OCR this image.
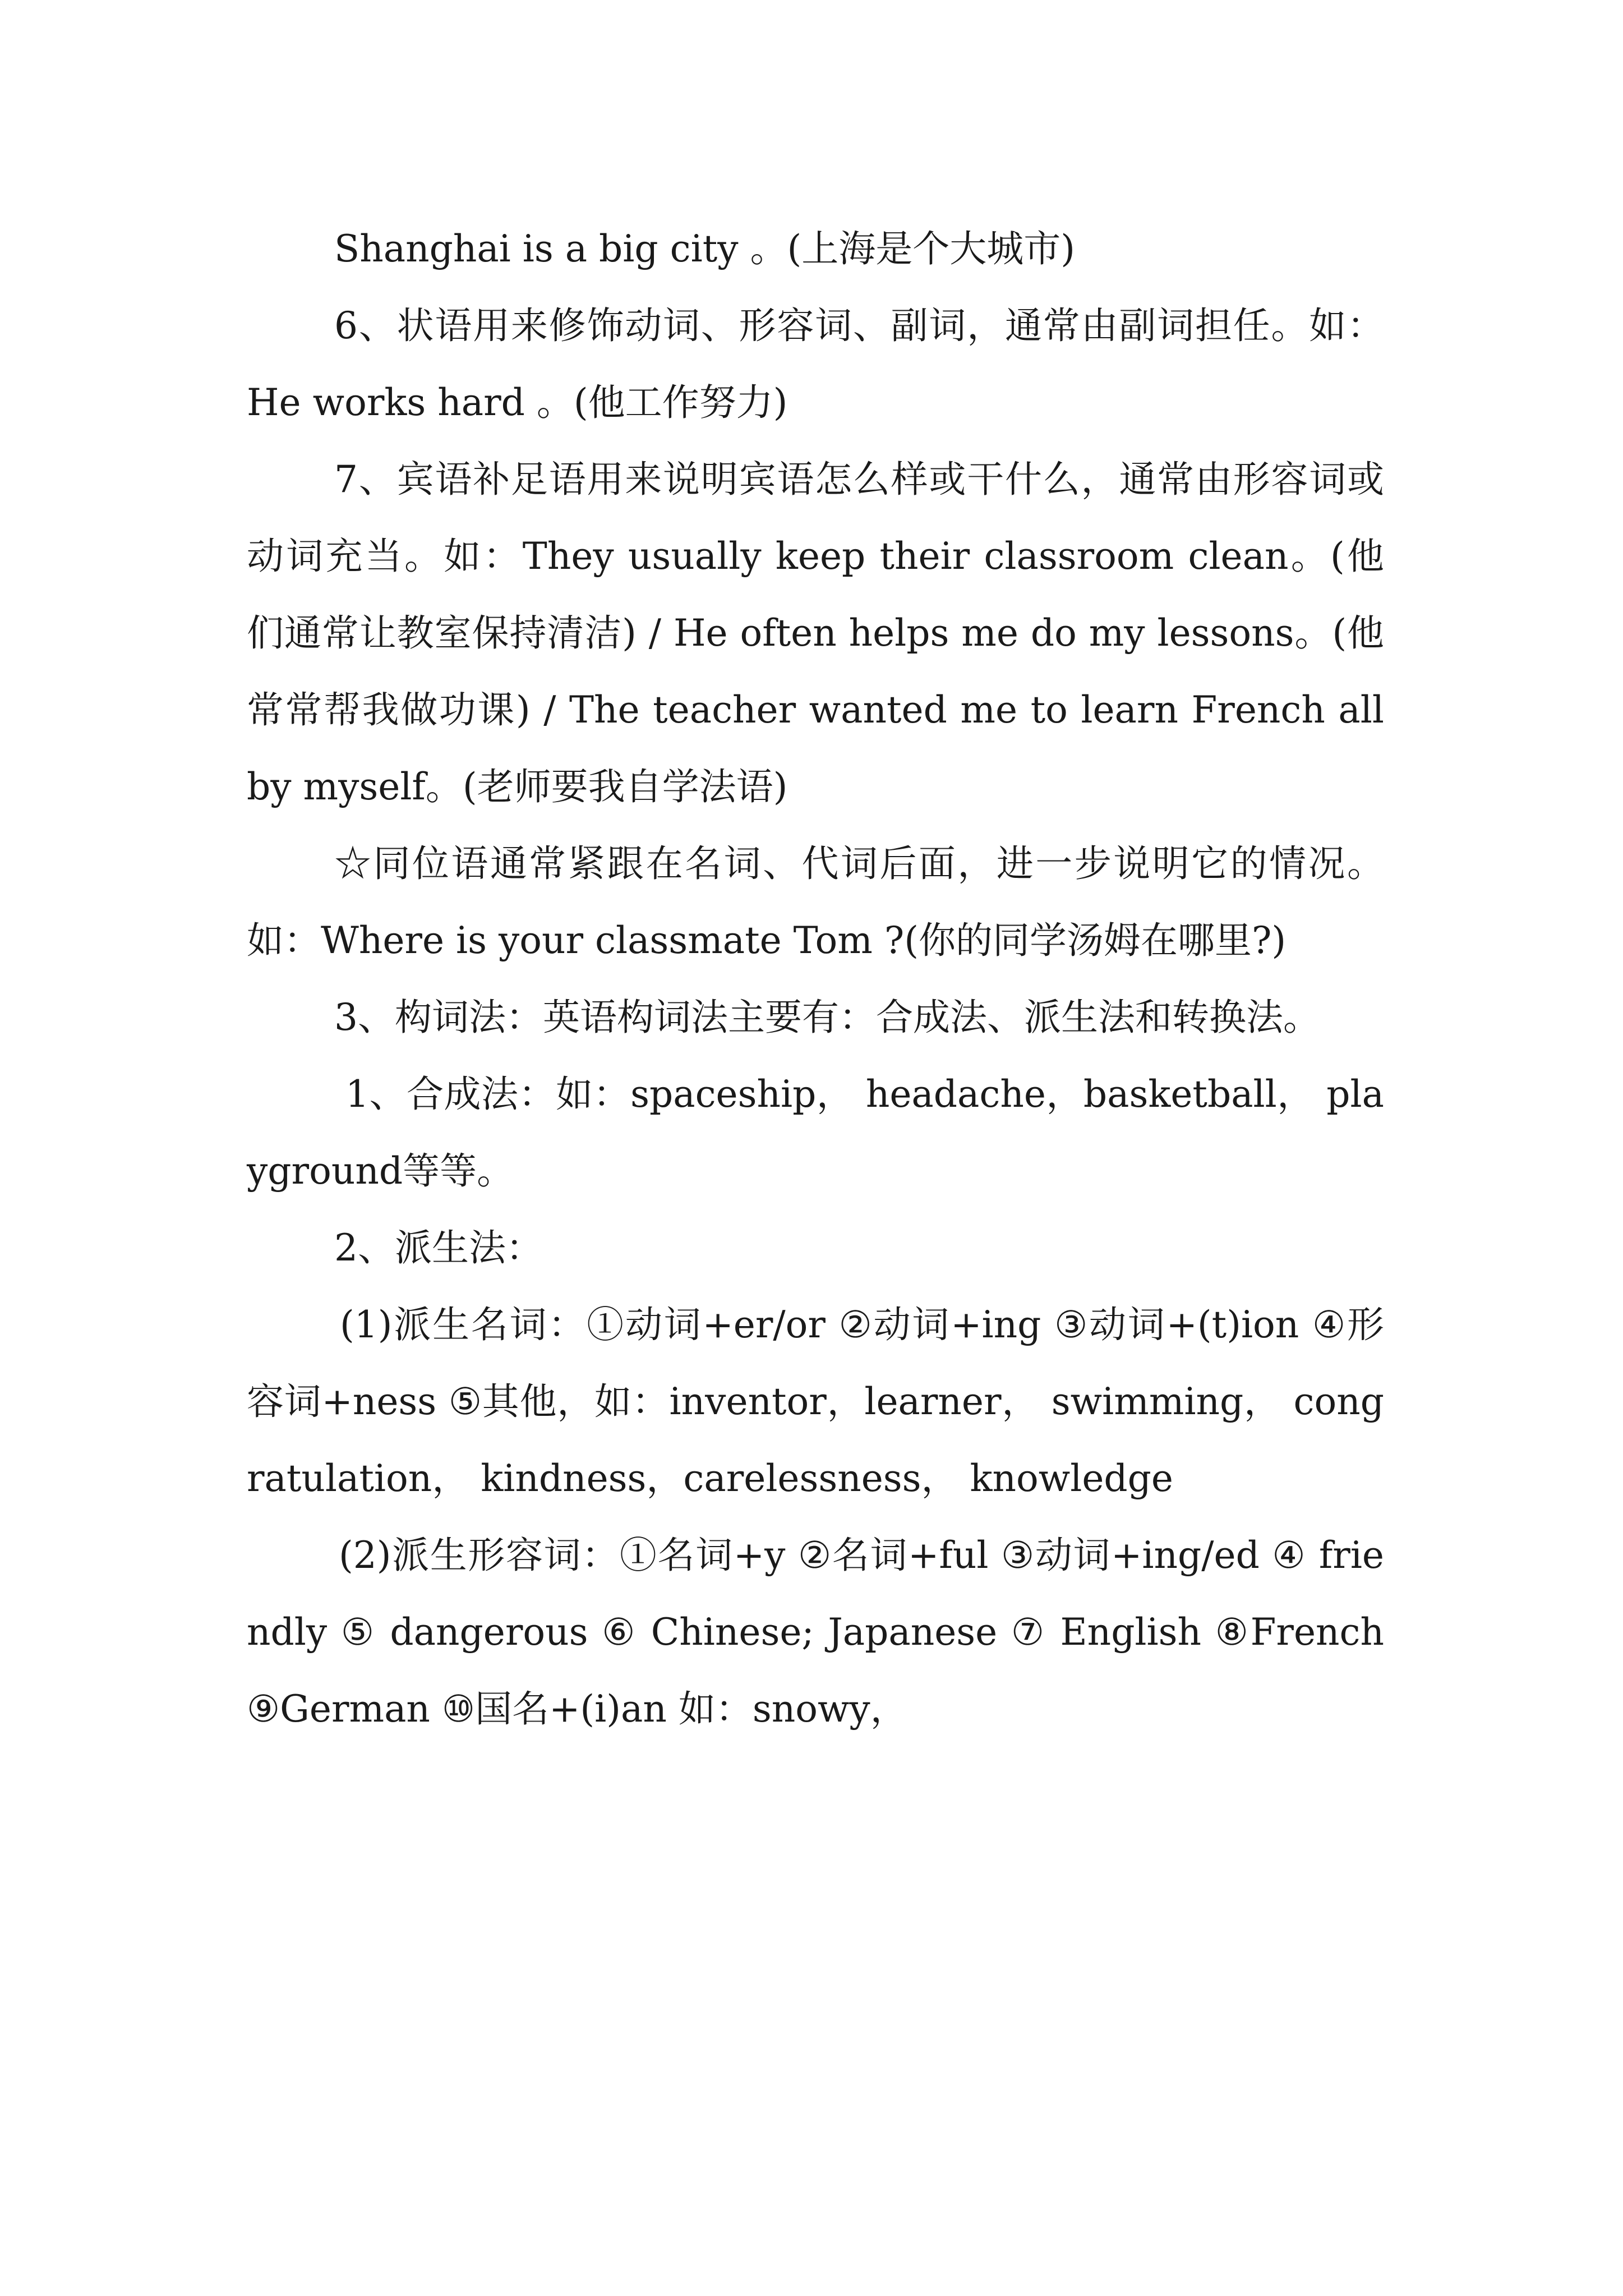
Shanghai is a big city 。(上海是个大城市)

6、状语用来修饰动词、形容词、副词，通常由副词担任。如：He works hard 。(他工作努力)

7、宾语补足语用来说明宾语怎么样或干什么，通常由形容词或动词充当。如：They usually keep their classroom clean。(他们通常让教室保持清洁) / He often helps me do my lessons。(他常常帮我做功课) / The teacher wanted me to learn French all by myself。(老师要我自学法语)

☆同位语通常紧跟在名词、代词后面，进一步说明它的情况。如：Where is your classmate Tom ?(你的同学汤姆在哪里?)

3、构词法：英语构词法主要有：合成法、派生法和转换法。

1、合成法：如：spaceship， headache，basketball， playground等等。

2、派生法：

(1)派生名词：①动词+er/or ②动词+ing ③动词+(t)ion ④形容词+ness ⑤其他，如：inventor，learner， swimming， congratulation， kindness，carelessness， knowledge

(2)派生形容词：①名词+y ②名词+ful ③动词+ing/ed ④ friendly ⑤ dangerous ⑥ Chinese; Japanese ⑦ English ⑧French ⑨German ⑩国名+(i)an 如：snowy，
